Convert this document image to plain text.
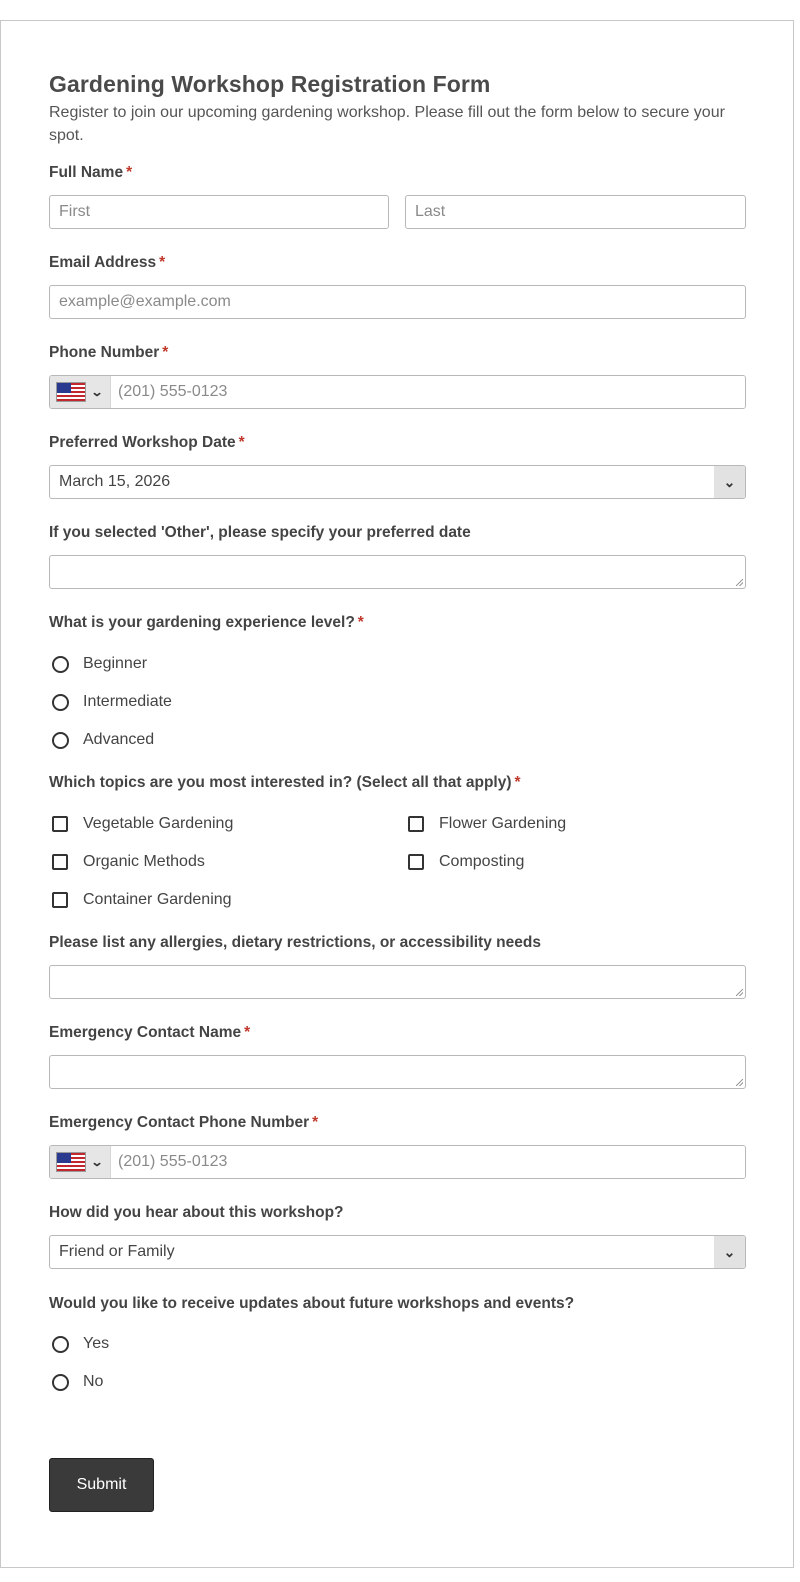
Gardening Workshop Registration Form

Register to join our upcoming gardening workshop. Please fill out the form below to secure your spot.

Full Name *
First
Last
Email Address *
example@example.com
Phone Number *
⌄
(201) 555-0123
Preferred Workshop Date *
March 15, 2026	⌄
If you selected 'Other', please specify your preferred date
What is your gardening experience level? *
Beginner
Intermediate
Advanced
Which topics are you most interested in? (Select all that apply) *
Vegetable Gardening	Flower Gardening
Organic Methods	Composting
Container Gardening
Please list any allergies, dietary restrictions, or accessibility needs
Emergency Contact Name *
Emergency Contact Phone Number *
⌄
(201) 555-0123
How did you hear about this workshop?
Friend or Family	⌄
Would you like to receive updates about future workshops and events?
Yes
No
Submit
